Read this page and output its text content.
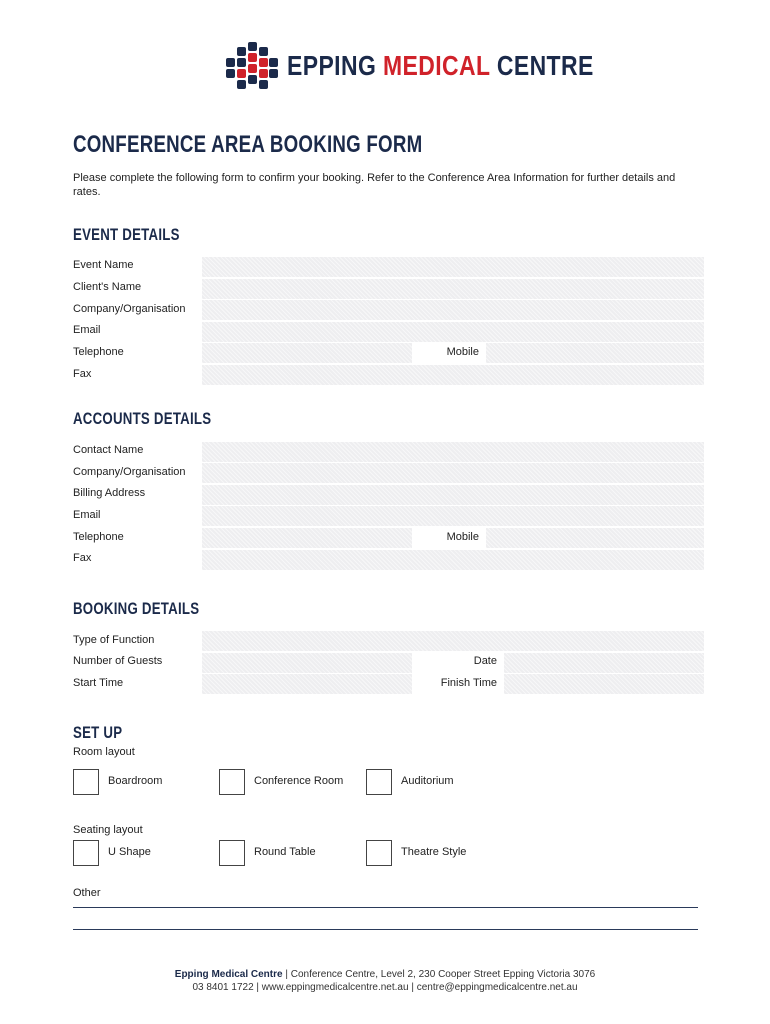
EPPING MEDICAL CENTRE
CONFERENCE AREA BOOKING FORM
Please complete the following form to confirm your booking. Refer to the Conference Area Information for further details and rates.
EVENT DETAILS
Event Name
Client's Name
Company/Organisation
Email
Telephone	Mobile
Fax
ACCOUNTS DETAILS
Contact Name
Company/Organisation
Billing Address
Email
Telephone	Mobile
Fax
BOOKING DETAILS
Type of Function
Number of Guests	Date
Start Time	Finish Time
SET UP
Room layout
Boardroom	Conference Room	Auditorium
Seating layout
U Shape	Round Table	Theatre Style
Other
Epping Medical Centre | Conference Centre, Level 2, 230 Cooper Street Epping Victoria 3076
03 8401 1722 | www.eppingmedicalcentre.net.au | centre@eppingmedicalcentre.net.au
